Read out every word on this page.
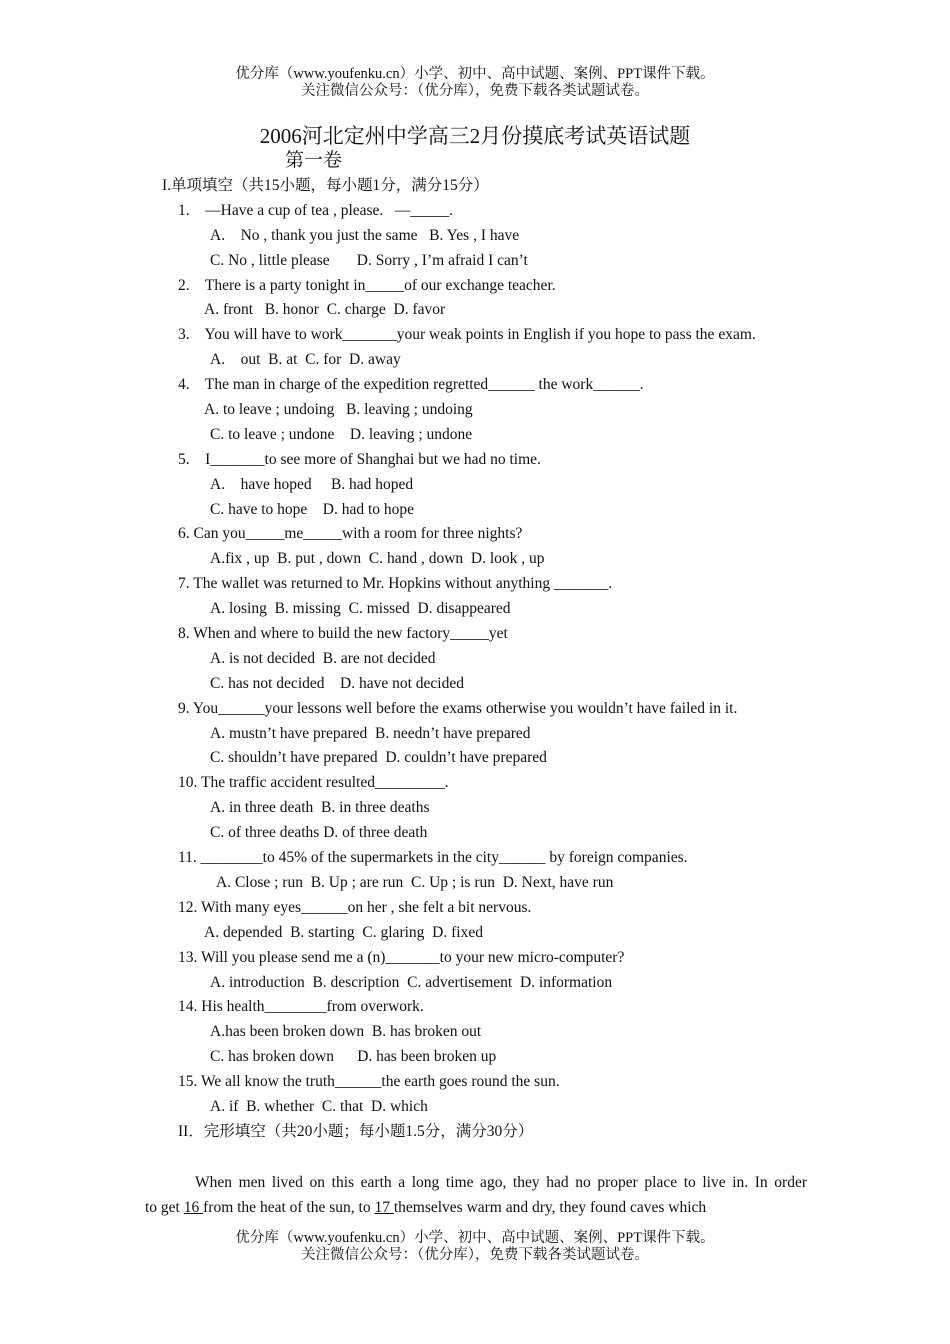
优分库（www.youfenku.cn）小学、初中、高中试题、案例、PPT课件下载。
关注微信公众号：（优分库），免费下载各类试题试卷。
2006河北定州中学高三2月份摸底考试英语试题
第一卷
I.单项填空（共15小题，每小题1分，满分15分）
1.    —Have a cup of tea , please.   —_____.
A.    No , thank you just the same   B. Yes , I have
C. No , little please       D. Sorry , I’m afraid I can’t
2.    There is a party tonight in_____of our exchange teacher.
A. front   B. honor  C. charge  D. favor
3.    You will have to work_______your weak points in English if you hope to pass the exam.
A.    out  B. at  C. for  D. away
4.    The man in charge of the expedition regretted______ the work______.
A. to leave ; undoing   B. leaving ; undoing
C. to leave ; undone    D. leaving ; undone
5.    I_______to see more of Shanghai but we had no time.
A.    have hoped     B. had hoped
C. have to hope    D. had to hope
6. Can you_____me_____with a room for three nights?
A.fix , up  B. put , down  C. hand , down  D. look , up
7. The wallet was returned to Mr. Hopkins without anything _______.
A. losing  B. missing  C. missed  D. disappeared
8. When and where to build the new factory_____yet
A. is not decided  B. are not decided
C. has not decided    D. have not decided
9. You______your lessons well before the exams otherwise you wouldn’t have failed in it.
A. mustn’t have prepared  B. needn’t have prepared
C. shouldn’t have prepared  D. couldn’t have prepared
10. The traffic accident resulted_________.
A. in three death  B. in three deaths
C. of three deaths D. of three death
11. ________to 45% of the supermarkets in the city______ by foreign companies.
A. Close ; run  B. Up ; are run  C. Up ; is run  D. Next, have run
12. With many eyes______on her , she felt a bit nervous.
A. depended  B. starting  C. glaring  D. fixed
13. Will you please send me a (n)_______to your new micro-computer?
A. introduction  B. description  C. advertisement  D. information
14. His health________from overwork.
A.has been broken down  B. has broken out
C. has broken down      D. has been broken up
15. We all know the truth______the earth goes round the sun.
A. if  B. whether  C. that  D. which
II．完形填空（共20小题；每小题1.5分，满分30分）

When men lived on this earth a long time ago, they had no proper place to live in. In order

to get 16 from the heat of the sun, to 17 themselves warm and dry, they found caves which

优分库（www.youfenku.cn）小学、初中、高中试题、案例、PPT课件下载。
关注微信公众号：（优分库），免费下载各类试题试卷。
